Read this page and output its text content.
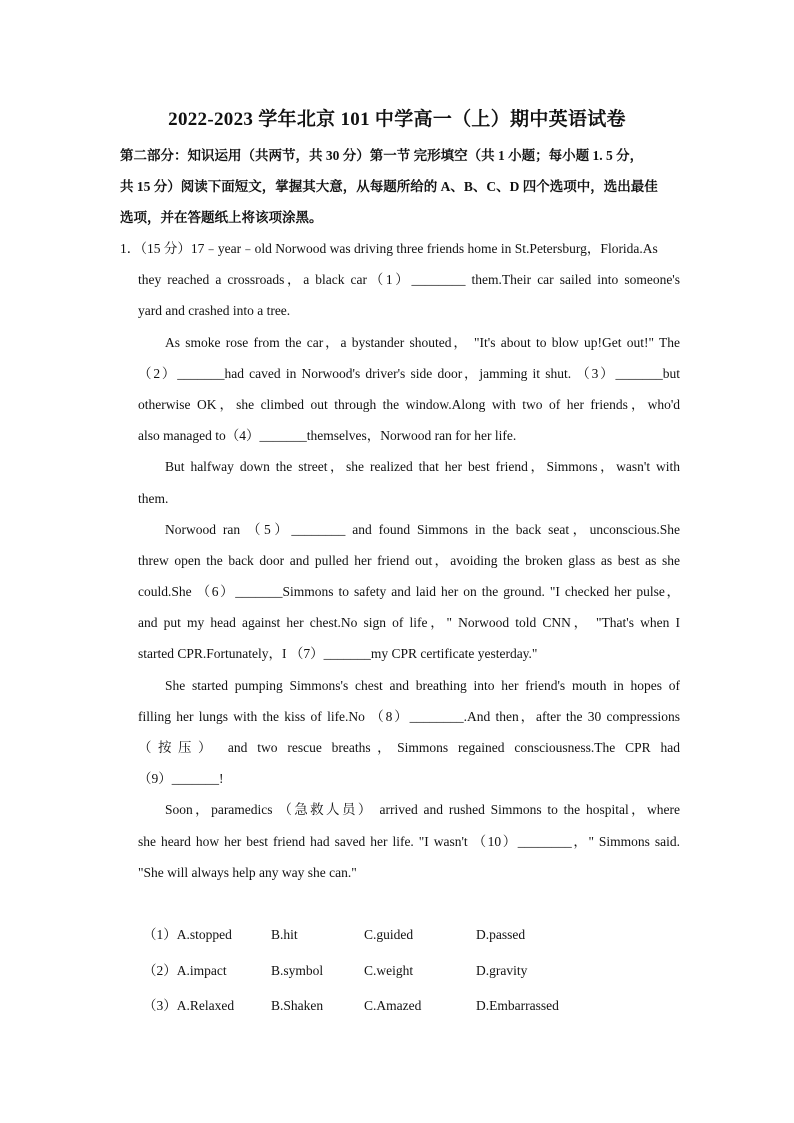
2022-2023 学年北京 101 中学高一（上）期中英语试卷
第二部分：知识运用（共两节，共 30 分）第一节 完形填空（共 1 小题；每小题 1. 5 分，
共 15 分）阅读下面短文，掌握其大意，从每题所给的 A、B、C、D 四个选项中，选出最佳
选项，并在答题纸上将该项涂黑。
1．（15 分）17﹣year﹣old Norwood was driving three friends home in St.Petersburg，Florida.As
they reached a crossroads，a black car（1）________ them.Their car sailed into someone's
yard and crashed into a tree.
As smoke rose from the car，a bystander shouted， "It's about to blow up!Get out!" The
（2）_______had caved in Norwood's driver's side door，jamming it shut. （3）_______but
otherwise OK，she climbed out through the window.Along with two of her friends，who'd
also managed to（4）_______themselves，Norwood ran for her life.
But halfway down the street，she realized that her best friend，Simmons，wasn't with
them.
Norwood ran （5）________ and found Simmons in the back seat，unconscious.She
threw open the back door and pulled her friend out，avoiding the broken glass as best as she
could.She （6）_______Simmons to safety and laid her on the ground. "I checked her pulse，
and put my head against her chest.No sign of life，" Norwood told CNN， "That's when I
started CPR.Fortunately，I （7）_______my CPR certificate yesterday."
She started pumping Simmons's chest and breathing into her friend's mouth in hopes of
filling her lungs with the kiss of life.No （8）________.And then，after the 30 compressions
（按压） and two rescue breaths，Simmons regained consciousness.The CPR had
（9）_______!
Soon，paramedics （急救人员） arrived and rushed Simmons to the hospital，where
she heard how her best friend had saved her life. "I wasn't （10）________，" Simmons said.
"She will always help any way she can."
（1）A.stopped	B.hit	C.guided	D.passed
（2）A.impact	B.symbol	C.weight	D.gravity
（3）A.Relaxed	B.Shaken	C.Amazed	D.Embarrassed
